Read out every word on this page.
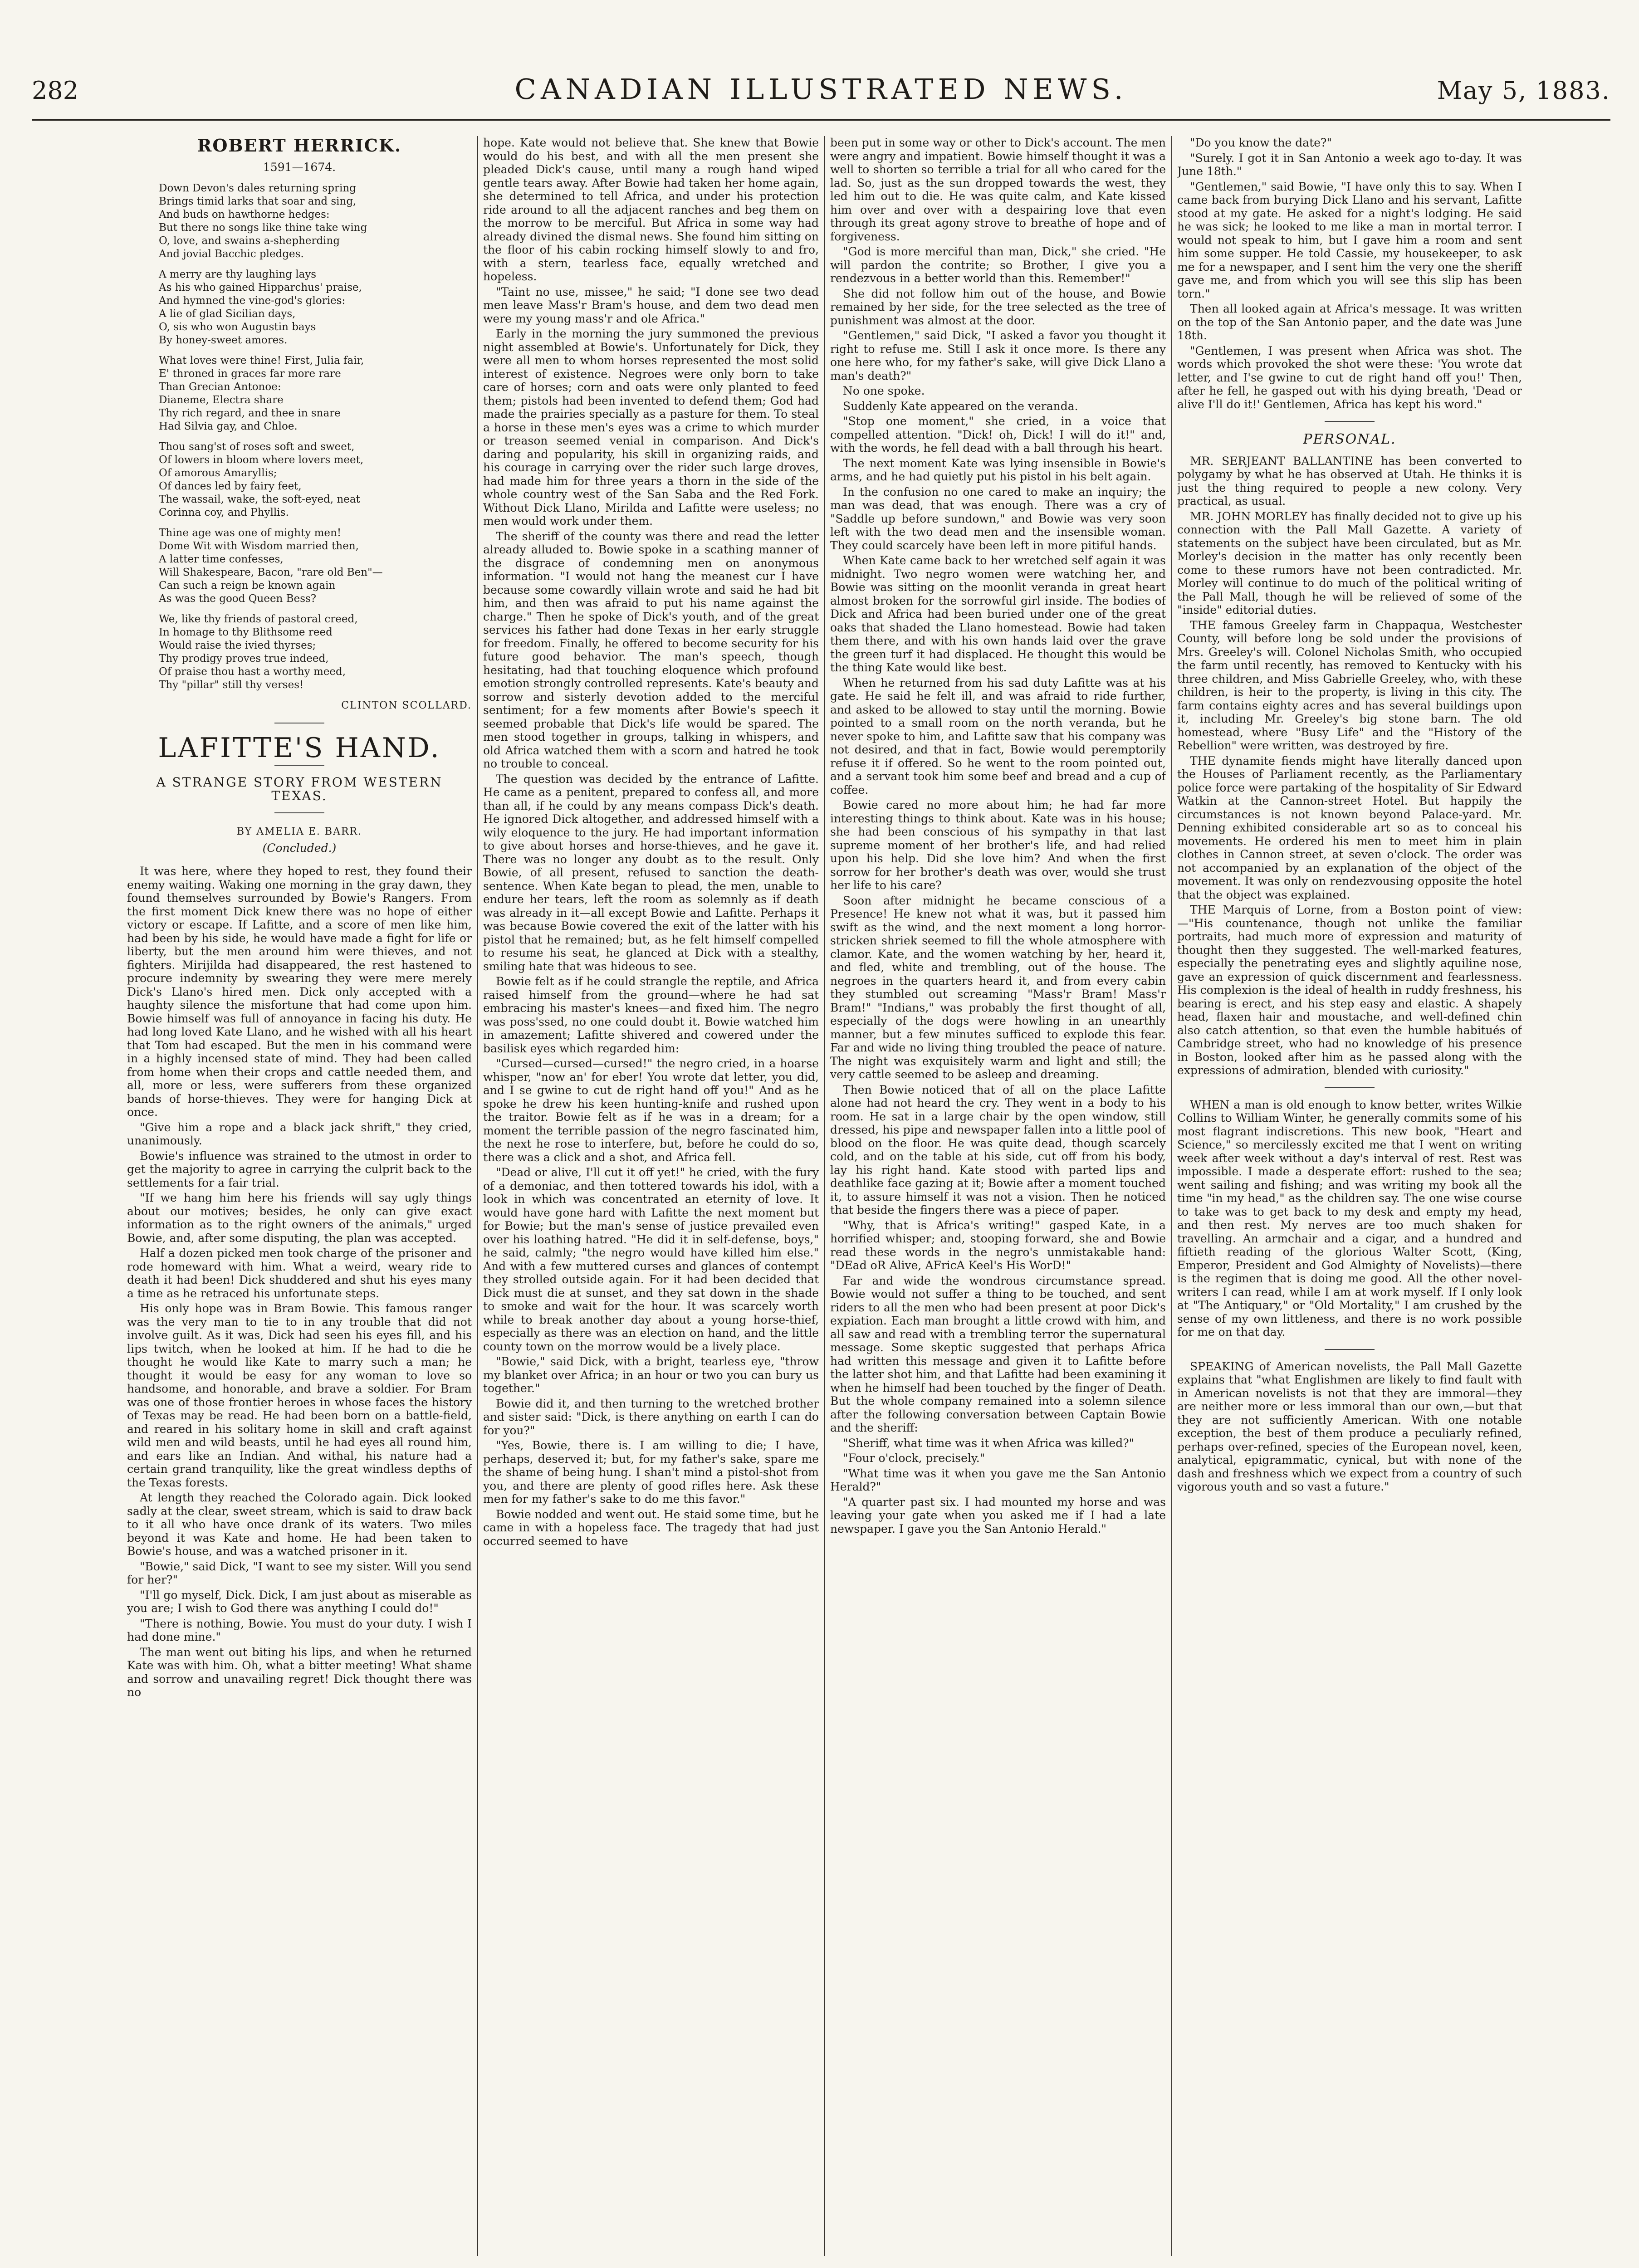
282	CANADIAN ILLUSTRATED NEWS.	May 5, 1883.
ROBERT HERRICK.
1591—1674.
Down Devon's dales returning spring
Brings timid larks that soar and sing,
And buds on hawthorne hedges:
But there no songs like thine take wing
O, love, and swains a-shepherding
And jovial Bacchic pledges.
A merry are thy laughing lays
As his who gained Hipparchus' praise,
And hymned the vine-god's glories:
A lie of glad Sicilian days,
O, sis who won Augustin bays
By honey-sweet amores.
What loves were thine! First, Julia fair,
E' throned in graces far more rare
Than Grecian Antonoe:
Dianeme, Electra share
Thy rich regard, and thee in snare
Had Silvia gay, and Chloe.
Thou sang'st of roses soft and sweet,
Of lowers in bloom where lovers meet,
Of amorous Amaryllis;
Of dances led by fairy feet,
The wassail, wake, the soft-eyed, neat
Corinna coy, and Phyllis.
Thine age was one of mighty men!
Dome Wit with Wisdom married then,
A latter time confesses,
Will Shakespeare, Bacon, "rare old Ben"—
Can such a reign be known again
As was the good Queen Bess?
We, like thy friends of pastoral creed,
In homage to thy Blithsome reed
Would raise the ivied thyrses;
Thy prodigy proves true indeed,
Of praise thou hast a worthy meed,
Thy "pillar" still thy verses!
CLINTON SCOLLARD.
LAFITTE'S HAND.
A STRANGE STORY FROM WESTERN TEXAS.
BY AMELIA E. BARR.
(Concluded.)

It was here, where they hoped to rest, they found their enemy waiting. Waking one morning in the gray dawn, they found themselves surrounded by Bowie's Rangers. From the first moment Dick knew there was no hope of either victory or escape. If Lafitte, and a score of men like him, had been by his side, he would have made a fight for life or liberty, but the men around him were thieves, and not fighters. Mirijilda had disappeared, the rest hastened to procure indemnity by swearing they were mere merely Dick's Llano's hired men. Dick only accepted with a haughty silence the misfortune that had come upon him. Bowie himself was full of annoyance in facing his duty. He had long loved Kate Llano, and he wished with all his heart that Tom had escaped. But the men in his command were in a highly incensed state of mind. They had been called from home when their crops and cattle needed them, and all, more or less, were sufferers from these organized bands of horse-thieves. They were for hanging Dick at once.

"Give him a rope and a black jack shrift," they cried, unanimously.

Bowie's influence was strained to the utmost in order to get the majority to agree in carrying the culprit back to the settlements for a fair trial.

"If we hang him here his friends will say ugly things about our motives; besides, he only can give exact information as to the right owners of the animals," urged Bowie, and, after some disputing, the plan was accepted.

Half a dozen picked men took charge of the prisoner and rode homeward with him. What a weird, weary ride to death it had been! Dick shuddered and shut his eyes many a time as he retraced his unfortunate steps.

His only hope was in Bram Bowie. This famous ranger was the very man to tie to in any trouble that did not involve guilt. As it was, Dick had seen his eyes fill, and his lips twitch, when he looked at him. If he had to die he thought he would like Kate to marry such a man; he thought it would be easy for any woman to love so handsome, and honorable, and brave a soldier. For Bram was one of those frontier heroes in whose faces the history of Texas may be read. He had been born on a battle-field, and reared in his solitary home in skill and craft against wild men and wild beasts, until he had eyes all round him, and ears like an Indian. And withal, his nature had a certain grand tranquility, like the great windless depths of the Texas forests.

At length they reached the Colorado again. Dick looked sadly at the clear, sweet stream, which is said to draw back to it all who have once drank of its waters. Two miles beyond it was Kate and home. He had been taken to Bowie's house, and was a watched prisoner in it.

"Bowie," said Dick, "I want to see my sister. Will you send for her?"

"I'll go myself, Dick. Dick, I am just about as miserable as you are; I wish to God there was anything I could do!"

"There is nothing, Bowie. You must do your duty. I wish I had done mine."

The man went out biting his lips, and when he returned Kate was with him. Oh, what a bitter meeting! What shame and sorrow and unavailing regret! Dick thought there was no

hope. Kate would not believe that. She knew that Bowie would do his best, and with all the men present she pleaded Dick's cause, until many a rough hand wiped gentle tears away. After Bowie had taken her home again, she determined to tell Africa, and under his protection ride around to all the adjacent ranches and beg them on the morrow to be merciful. But Africa in some way had already divined the dismal news. She found him sitting on the floor of his cabin rocking himself slowly to and fro, with a stern, tearless face, equally wretched and hopeless.

"Taint no use, missee," he said; "I done see two dead men leave Mass'r Bram's house, and dem two dead men were my young mass'r and ole Africa."

Early in the morning the jury summoned the previous night assembled at Bowie's. Unfortunately for Dick, they were all men to whom horses represented the most solid interest of existence. Negroes were only born to take care of horses; corn and oats were only planted to feed them; pistols had been invented to defend them; God had made the prairies specially as a pasture for them. To steal a horse in these men's eyes was a crime to which murder or treason seemed venial in comparison. And Dick's daring and popularity, his skill in organizing raids, and his courage in carrying over the rider such large droves, had made him for three years a thorn in the side of the whole country west of the San Saba and the Red Fork. Without Dick Llano, Mirilda and Lafitte were useless; no men would work under them.

The sheriff of the county was there and read the letter already alluded to. Bowie spoke in a scathing manner of the disgrace of condemning men on anonymous information. "I would not hang the meanest cur I have because some cowardly villain wrote and said he had bit him, and then was afraid to put his name against the charge." Then he spoke of Dick's youth, and of the great services his father had done Texas in her early struggle for freedom. Finally, he offered to become security for his future good behavior. The man's speech, though hesitating, had that touching eloquence which profound emotion strongly controlled represents. Kate's beauty and sorrow and sisterly devotion added to the merciful sentiment; for a few moments after Bowie's speech it seemed probable that Dick's life would be spared. The men stood together in groups, talking in whispers, and old Africa watched them with a scorn and hatred he took no trouble to conceal.

The question was decided by the entrance of Lafitte. He came as a penitent, prepared to confess all, and more than all, if he could by any means compass Dick's death. He ignored Dick altogether, and addressed himself with a wily eloquence to the jury. He had important information to give about horses and horse-thieves, and he gave it. There was no longer any doubt as to the result. Only Bowie, of all present, refused to sanction the death-sentence. When Kate began to plead, the men, unable to endure her tears, left the room as solemnly as if death was already in it—all except Bowie and Lafitte. Perhaps it was because Bowie covered the exit of the latter with his pistol that he remained; but, as he felt himself compelled to resume his seat, he glanced at Dick with a stealthy, smiling hate that was hideous to see.

Bowie felt as if he could strangle the reptile, and Africa raised himself from the ground—where he had sat embracing his master's knees—and fixed him. The negro was poss'ssed, no one could doubt it. Bowie watched him in amazement; Lafitte shivered and cowered under the basilisk eyes which regarded him:

"Cursed—cursed—cursed!" the negro cried, in a hoarse whisper, "now an' for eber! You wrote dat letter, you did, and I se gwine to cut de right hand off you!" And as he spoke he drew his keen hunting-knife and rushed upon the traitor. Bowie felt as if he was in a dream; for a moment the terrible passion of the negro fascinated him, the next he rose to interfere, but, before he could do so, there was a click and a shot, and Africa fell.

"Dead or alive, I'll cut it off yet!" he cried, with the fury of a demoniac, and then tottered towards his idol, with a look in which was concentrated an eternity of love. It would have gone hard with Lafitte the next moment but for Bowie; but the man's sense of justice prevailed even over his loathing hatred. "He did it in self-defense, boys," he said, calmly; "the negro would have killed him else." And with a few muttered curses and glances of contempt they strolled outside again. For it had been decided that Dick must die at sunset, and they sat down in the shade to smoke and wait for the hour. It was scarcely worth while to break another day about a young horse-thief, especially as there was an election on hand, and the little county town on the morrow would be a lively place.

"Bowie," said Dick, with a bright, tearless eye, "throw my blanket over Africa; in an hour or two you can bury us together."

Bowie did it, and then turning to the wretched brother and sister said: "Dick, is there anything on earth I can do for you?"

"Yes, Bowie, there is. I am willing to die; I have, perhaps, deserved it; but, for my father's sake, spare me the shame of being hung. I shan't mind a pistol-shot from you, and there are plenty of good rifles here. Ask these men for my father's sake to do me this favor."

Bowie nodded and went out. He staid some time, but he came in with a hopeless face. The tragedy that had just occurred seemed to have

been put in some way or other to Dick's account. The men were angry and impatient. Bowie himself thought it was a well to shorten so terrible a trial for all who cared for the lad. So, just as the sun dropped towards the west, they led him out to die. He was quite calm, and Kate kissed him over and over with a despairing love that even through its great agony strove to breathe of hope and of forgiveness.

"God is more merciful than man, Dick," she cried. "He will pardon the contrite; so Brother, I give you a rendezvous in a better world than this. Remember!"

She did not follow him out of the house, and Bowie remained by her side, for the tree selected as the tree of punishment was almost at the door.

"Gentlemen," said Dick, "I asked a favor you thought it right to refuse me. Still I ask it once more. Is there any one here who, for my father's sake, will give Dick Llano a man's death?"

No one spoke.

Suddenly Kate appeared on the veranda.

"Stop one moment," she cried, in a voice that compelled attention. "Dick! oh, Dick! I will do it!" and, with the words, he fell dead with a ball through his heart.

The next moment Kate was lying insensible in Bowie's arms, and he had quietly put his pistol in his belt again.

In the confusion no one cared to make an inquiry; the man was dead, that was enough. There was a cry of "Saddle up before sundown," and Bowie was very soon left with the two dead men and the insensible woman. They could scarcely have been left in more pitiful hands.

When Kate came back to her wretched self again it was midnight. Two negro women were watching her, and Bowie was sitting on the moonlit veranda in great heart almost broken for the sorrowful girl inside. The bodies of Dick and Africa had been buried under one of the great oaks that shaded the Llano homestead. Bowie had taken them there, and with his own hands laid over the grave the green turf it had displaced. He thought this would be the thing Kate would like best.

When he returned from his sad duty Lafitte was at his gate. He said he felt ill, and was afraid to ride further, and asked to be allowed to stay until the morning. Bowie pointed to a small room on the north veranda, but he never spoke to him, and Lafitte saw that his company was not desired, and that in fact, Bowie would peremptorily refuse it if offered. So he went to the room pointed out, and a servant took him some beef and bread and a cup of coffee.

Bowie cared no more about him; he had far more interesting things to think about. Kate was in his house; she had been conscious of his sympathy in that last supreme moment of her brother's life, and had relied upon his help. Did she love him? And when the first sorrow for her brother's death was over, would she trust her life to his care?

Soon after midnight he became conscious of a Presence! He knew not what it was, but it passed him swift as the wind, and the next moment a long horror-stricken shriek seemed to fill the whole atmosphere with clamor. Kate, and the women watching by her, heard it, and fled, white and trembling, out of the house. The negroes in the quarters heard it, and from every cabin they stumbled out screaming "Mass'r Bram! Mass'r Bram!" "Indians," was probably the first thought of all, especially of the dogs were howling in an unearthly manner, but a few minutes sufficed to explode this fear. Far and wide no living thing troubled the peace of nature. The night was exquisitely warm and light and still; the very cattle seemed to be asleep and dreaming.

Then Bowie noticed that of all on the place Lafitte alone had not heard the cry. They went in a body to his room. He sat in a large chair by the open window, still dressed, his pipe and newspaper fallen into a little pool of blood on the floor. He was quite dead, though scarcely cold, and on the table at his side, cut off from his body, lay his right hand. Kate stood with parted lips and deathlike face gazing at it; Bowie after a moment touched it, to assure himself it was not a vision. Then he noticed that beside the fingers there was a piece of paper.

"Why, that is Africa's writing!" gasped Kate, in a horrified whisper; and, stooping forward, she and Bowie read these words in the negro's unmistakable hand: "DEad oR Alive, AFricA Keel's His WorD!"

Far and wide the wondrous circumstance spread. Bowie would not suffer a thing to be touched, and sent riders to all the men who had been present at poor Dick's expiation. Each man brought a little crowd with him, and all saw and read with a trembling terror the supernatural message. Some skeptic suggested that perhaps Africa had written this message and given it to Lafitte before the latter shot him, and that Lafitte had been examining it when he himself had been touched by the finger of Death. But the whole company remained into a solemn silence after the following conversation between Captain Bowie and the sheriff:

"Sheriff, what time was it when Africa was killed?"

"Four o'clock, precisely."

"What time was it when you gave me the San Antonio Herald?"

"A quarter past six. I had mounted my horse and was leaving your gate when you asked me if I had a late newspaper. I gave you the San Antonio Herald."

"Do you know the date?"

"Surely. I got it in San Antonio a week ago to-day. It was June 18th."

"Gentlemen," said Bowie, "I have only this to say. When I came back from burying Dick Llano and his servant, Lafitte stood at my gate. He asked for a night's lodging. He said he was sick; he looked to me like a man in mortal terror. I would not speak to him, but I gave him a room and sent him some supper. He told Cassie, my housekeeper, to ask me for a newspaper, and I sent him the very one the sheriff gave me, and from which you will see this slip has been torn."

Then all looked again at Africa's message. It was written on the top of the San Antonio paper, and the date was June 18th.

"Gentlemen, I was present when Africa was shot. The words which provoked the shot were these: 'You wrote dat letter, and I'se gwine to cut de right hand off you!' Then, after he fell, he gasped out with his dying breath, 'Dead or alive I'll do it!' Gentlemen, Africa has kept his word."

PERSONAL.

MR. SERJEANT BALLANTINE has been converted to polygamy by what he has observed at Utah. He thinks it is just the thing required to people a new colony. Very practical, as usual.

MR. JOHN MORLEY has finally decided not to give up his connection with the Pall Mall Gazette. A variety of statements on the subject have been circulated, but as Mr. Morley's decision in the matter has only recently been come to these rumors have not been contradicted. Mr. Morley will continue to do much of the political writing of the Pall Mall, though he will be relieved of some of the "inside" editorial duties.

THE famous Greeley farm in Chappaqua, Westchester County, will before long be sold under the provisions of Mrs. Greeley's will. Colonel Nicholas Smith, who occupied the farm until recently, has removed to Kentucky with his three children, and Miss Gabrielle Greeley, who, with these children, is heir to the property, is living in this city. The farm contains eighty acres and has several buildings upon it, including Mr. Greeley's big stone barn. The old homestead, where "Busy Life" and the "History of the Rebellion" were written, was destroyed by fire.

THE dynamite fiends might have literally danced upon the Houses of Parliament recently, as the Parliamentary police force were partaking of the hospitality of Sir Edward Watkin at the Cannon-street Hotel. But happily the circumstances is not known beyond Palace-yard. Mr. Denning exhibited considerable art so as to conceal his movements. He ordered his men to meet him in plain clothes in Cannon street, at seven o'clock. The order was not accompanied by an explanation of the object of the movement. It was only on rendezvousing opposite the hotel that the object was explained.

THE Marquis of Lorne, from a Boston point of view:—"His countenance, though not unlike the familiar portraits, had much more of expression and maturity of thought then they suggested. The well-marked features, especially the penetrating eyes and slightly aquiline nose, gave an expression of quick discernment and fearlessness. His complexion is the ideal of health in ruddy freshness, his bearing is erect, and his step easy and elastic. A shapely head, flaxen hair and moustache, and well-defined chin also catch attention, so that even the humble habitués of Cambridge street, who had no knowledge of his presence in Boston, looked after him as he passed along with the expressions of admiration, blended with curiosity."

WHEN a man is old enough to know better, writes Wilkie Collins to William Winter, he generally commits some of his most flagrant indiscretions. This new book, "Heart and Science," so mercilessly excited me that I went on writing week after week without a day's interval of rest. Rest was impossible. I made a desperate effort: rushed to the sea; went sailing and fishing; and was writing my book all the time "in my head," as the children say. The one wise course to take was to get back to my desk and empty my head, and then rest. My nerves are too much shaken for travelling. An armchair and a cigar, and a hundred and fiftieth reading of the glorious Walter Scott, (King, Emperor, President and God Almighty of Novelists)—there is the regimen that is doing me good. All the other novel-writers I can read, while I am at work myself. If I only look at "The Antiquary," or "Old Mortality," I am crushed by the sense of my own littleness, and there is no work possible for me on that day.

SPEAKING of American novelists, the Pall Mall Gazette explains that "what Englishmen are likely to find fault with in American novelists is not that they are immoral—they are neither more or less immoral than our own,—but that they are not sufficiently American. With one notable exception, the best of them produce a peculiarly refined, perhaps over-refined, species of the European novel, keen, analytical, epigrammatic, cynical, but with none of the dash and freshness which we expect from a country of such vigorous youth and so vast a future."
